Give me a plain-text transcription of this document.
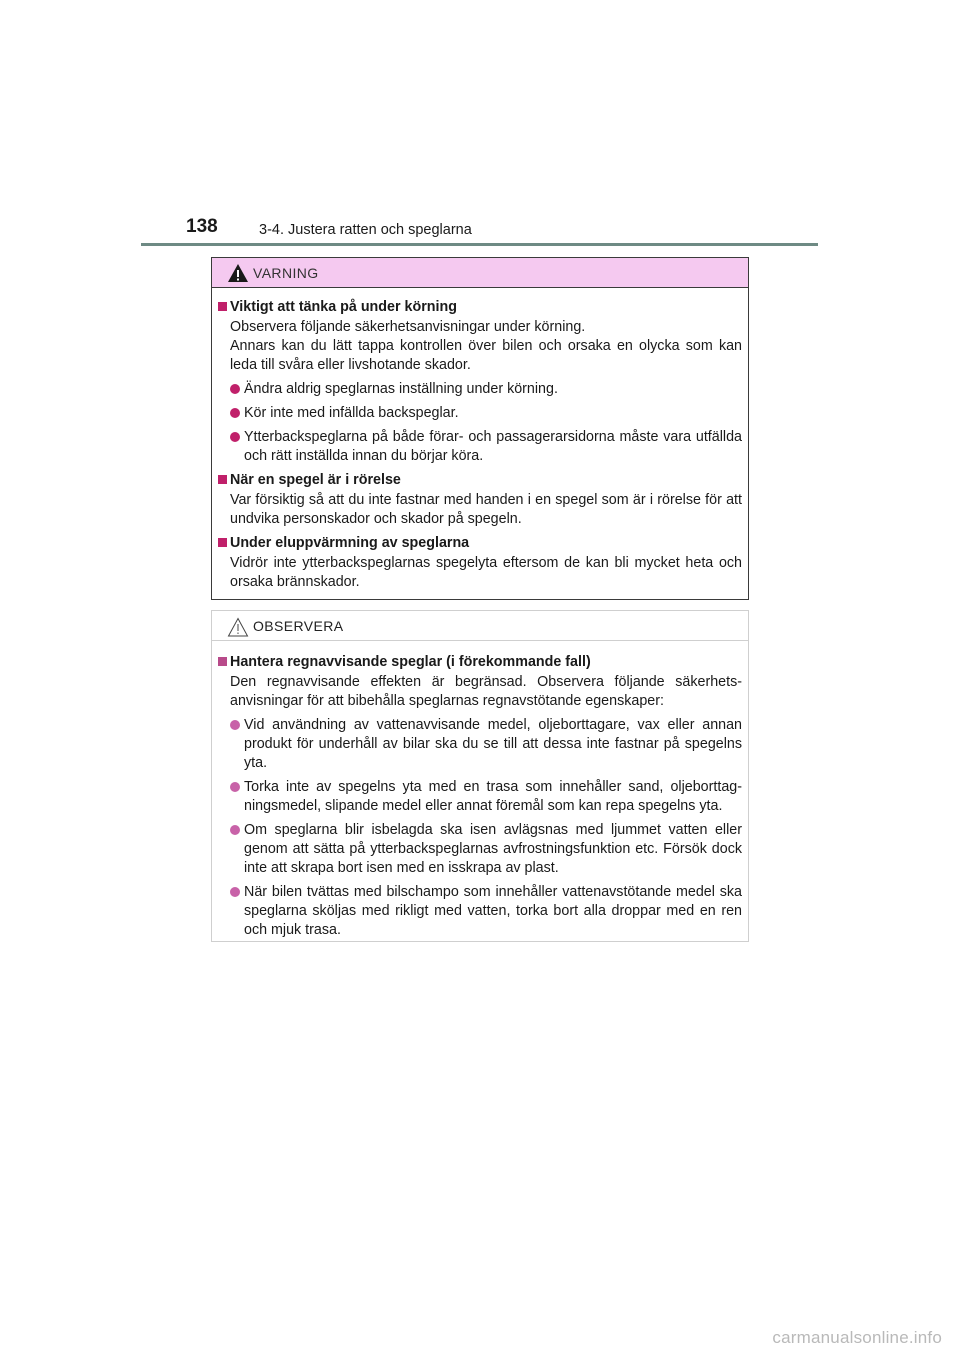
138	3-4. Justera ratten och speglarna
VARNING
Viktigt att tänka på under körning
Observera följande säkerhetsanvisningar under körning.
Annars kan du lätt tappa kontrollen över bilen och orsaka en olycka som kan leda till svåra eller livshotande skador.
Ändra aldrig speglarnas inställning under körning.
Kör inte med infällda backspeglar.
Ytterbackspeglarna på både förar- och passagerarsidorna måste vara utfällda och rätt inställda innan du börjar köra.
När en spegel är i rörelse
Var försiktig så att du inte fastnar med handen i en spegel som är i rörelse för att undvika personskador och skador på spegeln.
Under eluppvärmning av speglarna
Vidrör inte ytterbackspeglarnas spegelyta eftersom de kan bli mycket heta och orsaka brännskador.
OBSERVERA
Hantera regnavvisande speglar (i förekommande fall)
Den regnavvisande effekten är begränsad. Observera följande säkerhets-anvisningar för att bibehålla speglarnas regnavstötande egenskaper:
Vid användning av vattenavvisande medel, oljeborttagare, vax eller annan produkt för underhåll av bilar ska du se till att dessa inte fastnar på spegelns yta.
Torka inte av spegelns yta med en trasa som innehåller sand, oljeborttag-ningsmedel, slipande medel eller annat föremål som kan repa spegelns yta.
Om speglarna blir isbelagda ska isen avlägsnas med ljummet vatten eller genom att sätta på ytterbackspeglarnas avfrostningsfunktion etc. Försök dock inte att skrapa bort isen med en isskrapa av plast.
När bilen tvättas med bilschampo som innehåller vattenavstötande medel ska speglarna sköljas med rikligt med vatten, torka bort alla droppar med en ren och mjuk trasa.
carmanualsonline.info
